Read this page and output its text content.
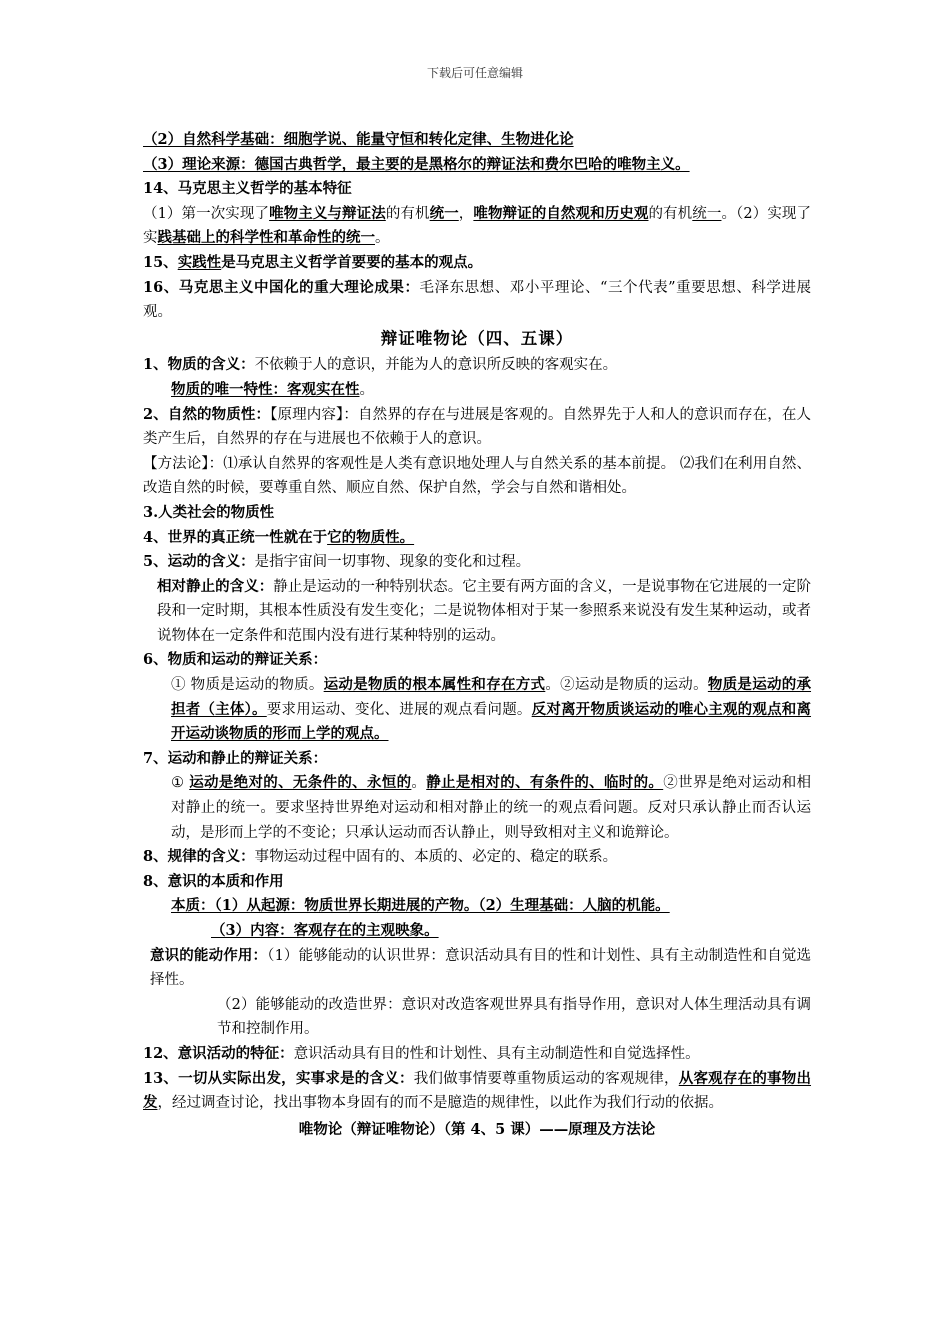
下载后可任意编辑

（2）自然科学基础：细胞学说、能量守恒和转化定律、生物进化论

（3）理论来源：德国古典哲学，最主要的是黑格尔的辩证法和费尔巴哈的唯物主义。

14、马克思主义哲学的基本特征

（1）第一次实现了唯物主义与辩证法的有机统一，唯物辩证的自然观和历史观的有机统一。（2）实现了实践基础上的科学性和革命性的统一。

15、实践性是马克思主义哲学首要要的基本的观点。

16、马克思主义中国化的重大理论成果：毛泽东思想、邓小平理论、“三个代表”重要思想、科学进展观。

辩证唯物论（四、五课）

1、物质的含义：不依赖于人的意识，并能为人的意识所反映的客观实在。

物质的唯一特性：客观实在性。

2、自然的物质性：【原理内容】：自然界的存在与进展是客观的。自然界先于人和人的意识而存在，在人类产生后，自然界的存在与进展也不依赖于人的意识。

【方法论】：⑴承认自然界的客观性是人类有意识地处理人与自然关系的基本前提。 ⑵我们在利用自然、改造自然的时候，要尊重自然、顺应自然、保护自然，学会与自然和谐相处。

3.人类社会的物质性

4、世界的真正统一性就在于它的物质性。

5、运动的含义：是指宇宙间一切事物、现象的变化和过程。

相对静止的含义：静止是运动的一种特别状态。它主要有两方面的含义，一是说事物在它进展的一定阶段和一定时期，其根本性质没有发生变化；二是说物体相对于某一参照系来说没有发生某种运动，或者说物体在一定条件和范围内没有进行某种特别的运动。

6、物质和运动的辩证关系：

① 物质是运动的物质。运动是物质的根本属性和存在方式。②运动是物质的运动。物质是运动的承担者（主体）。要求用运动、变化、进展的观点看问题。反对离开物质谈运动的唯心主观的观点和离开运动谈物质的形而上学的观点。

7、运动和静止的辩证关系：

① 运动是绝对的、无条件的、永恒的。静止是相对的、有条件的、临时的。②世界是绝对运动和相对静止的统一。要求坚持世界绝对运动和相对静止的统一的观点看问题。反对只承认静止而否认运动，是形而上学的不变论；只承认运动而否认静止，则导致相对主义和诡辩论。

8、规律的含义：事物运动过程中固有的、本质的、必定的、稳定的联系。

8、意识的本质和作用

本质：（1）从起源：物质世界长期进展的产物。（2）生理基础：人脑的机能。

（3）内容：客观存在的主观映象。

意识的能动作用：（1）能够能动的认识世界：意识活动具有目的性和计划性、具有主动制造性和自觉选择性。

（2）能够能动的改造世界：意识对改造客观世界具有指导作用，意识对人体生理活动具有调节和控制作用。

12、意识活动的特征：意识活动具有目的性和计划性、具有主动制造性和自觉选择性。

13、一切从实际出发，实事求是的含义：我们做事情要尊重物质运动的客观规律，从客观存在的事物出发，经过调查讨论，找出事物本身固有的而不是臆造的规律性，以此作为我们行动的依据。

唯物论（辩证唯物论）（第 4、5 课）——原理及方法论
